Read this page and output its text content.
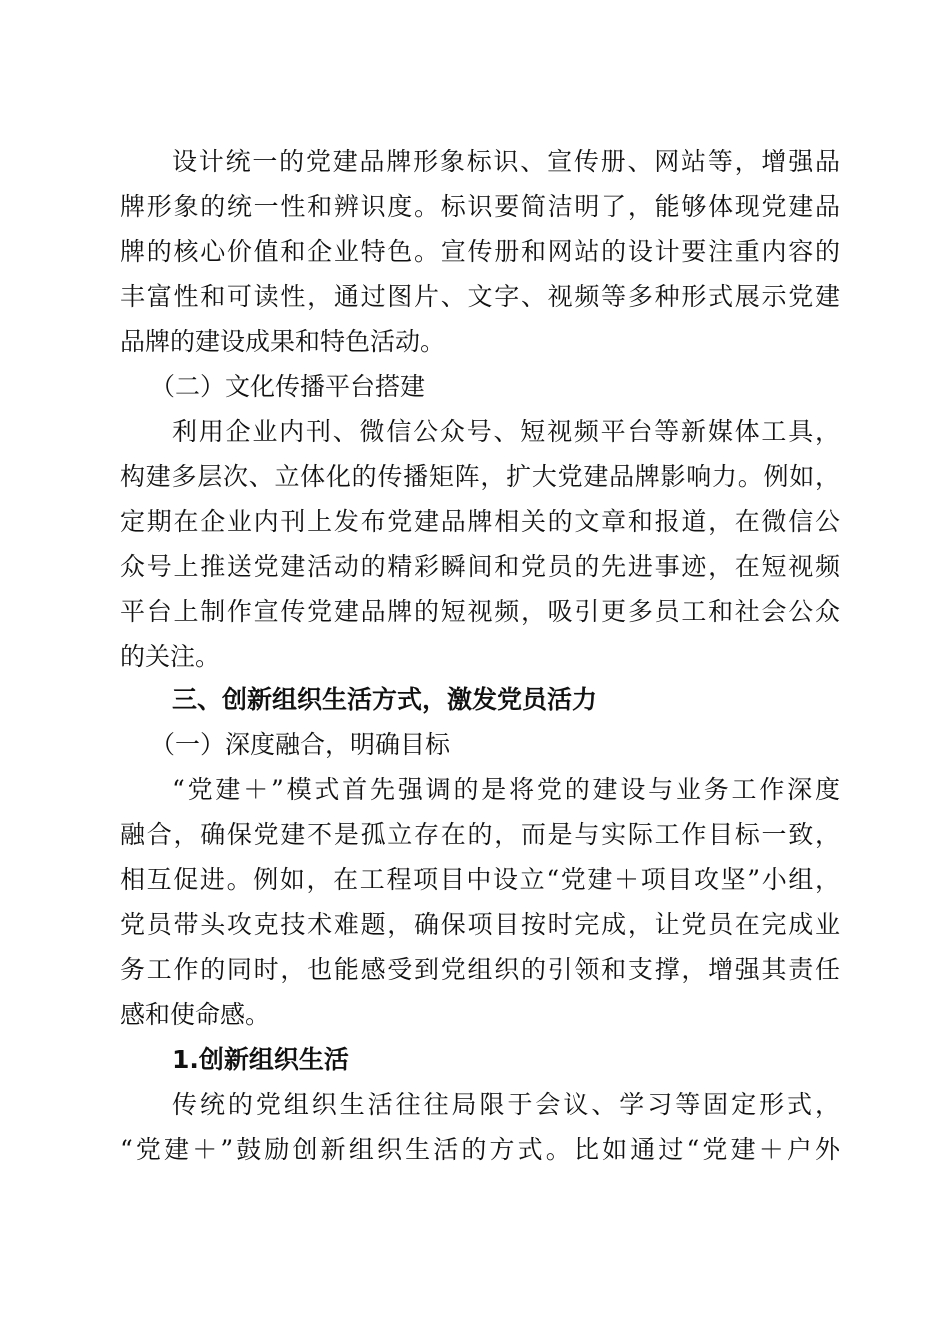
设计统一的党建品牌形象标识、宣传册、网站等，增强品
牌形象的统一性和辨识度。标识要简洁明了，能够体现党建品
牌的核心价值和企业特色。宣传册和网站的设计要注重内容的
丰富性和可读性，通过图片、文字、视频等多种形式展示党建
品牌的建设成果和特色活动。
（二）文化传播平台搭建
利用企业内刊、微信公众号、短视频平台等新媒体工具，
构建多层次、立体化的传播矩阵，扩大党建品牌影响力。例如，
定期在企业内刊上发布党建品牌相关的文章和报道，在微信公
众号上推送党建活动的精彩瞬间和党员的先进事迹，在短视频
平台上制作宣传党建品牌的短视频，吸引更多员工和社会公众
的关注。
三、创新组织生活方式，激发党员活力
（一）深度融合，明确目标
“党建＋”模式首先强调的是将党的建设与业务工作深度
融合，确保党建不是孤立存在的，而是与实际工作目标一致，
相互促进。例如，在工程项目中设立“党建＋项目攻坚”小组，
党员带头攻克技术难题，确保项目按时完成，让党员在完成业
务工作的同时，也能感受到党组织的引领和支撑，增强其责任
感和使命感。
1.创新组织生活
传统的党组织生活往往局限于会议、学习等固定形式，
“党建＋”鼓励创新组织生活的方式。比如通过“党建＋户外
